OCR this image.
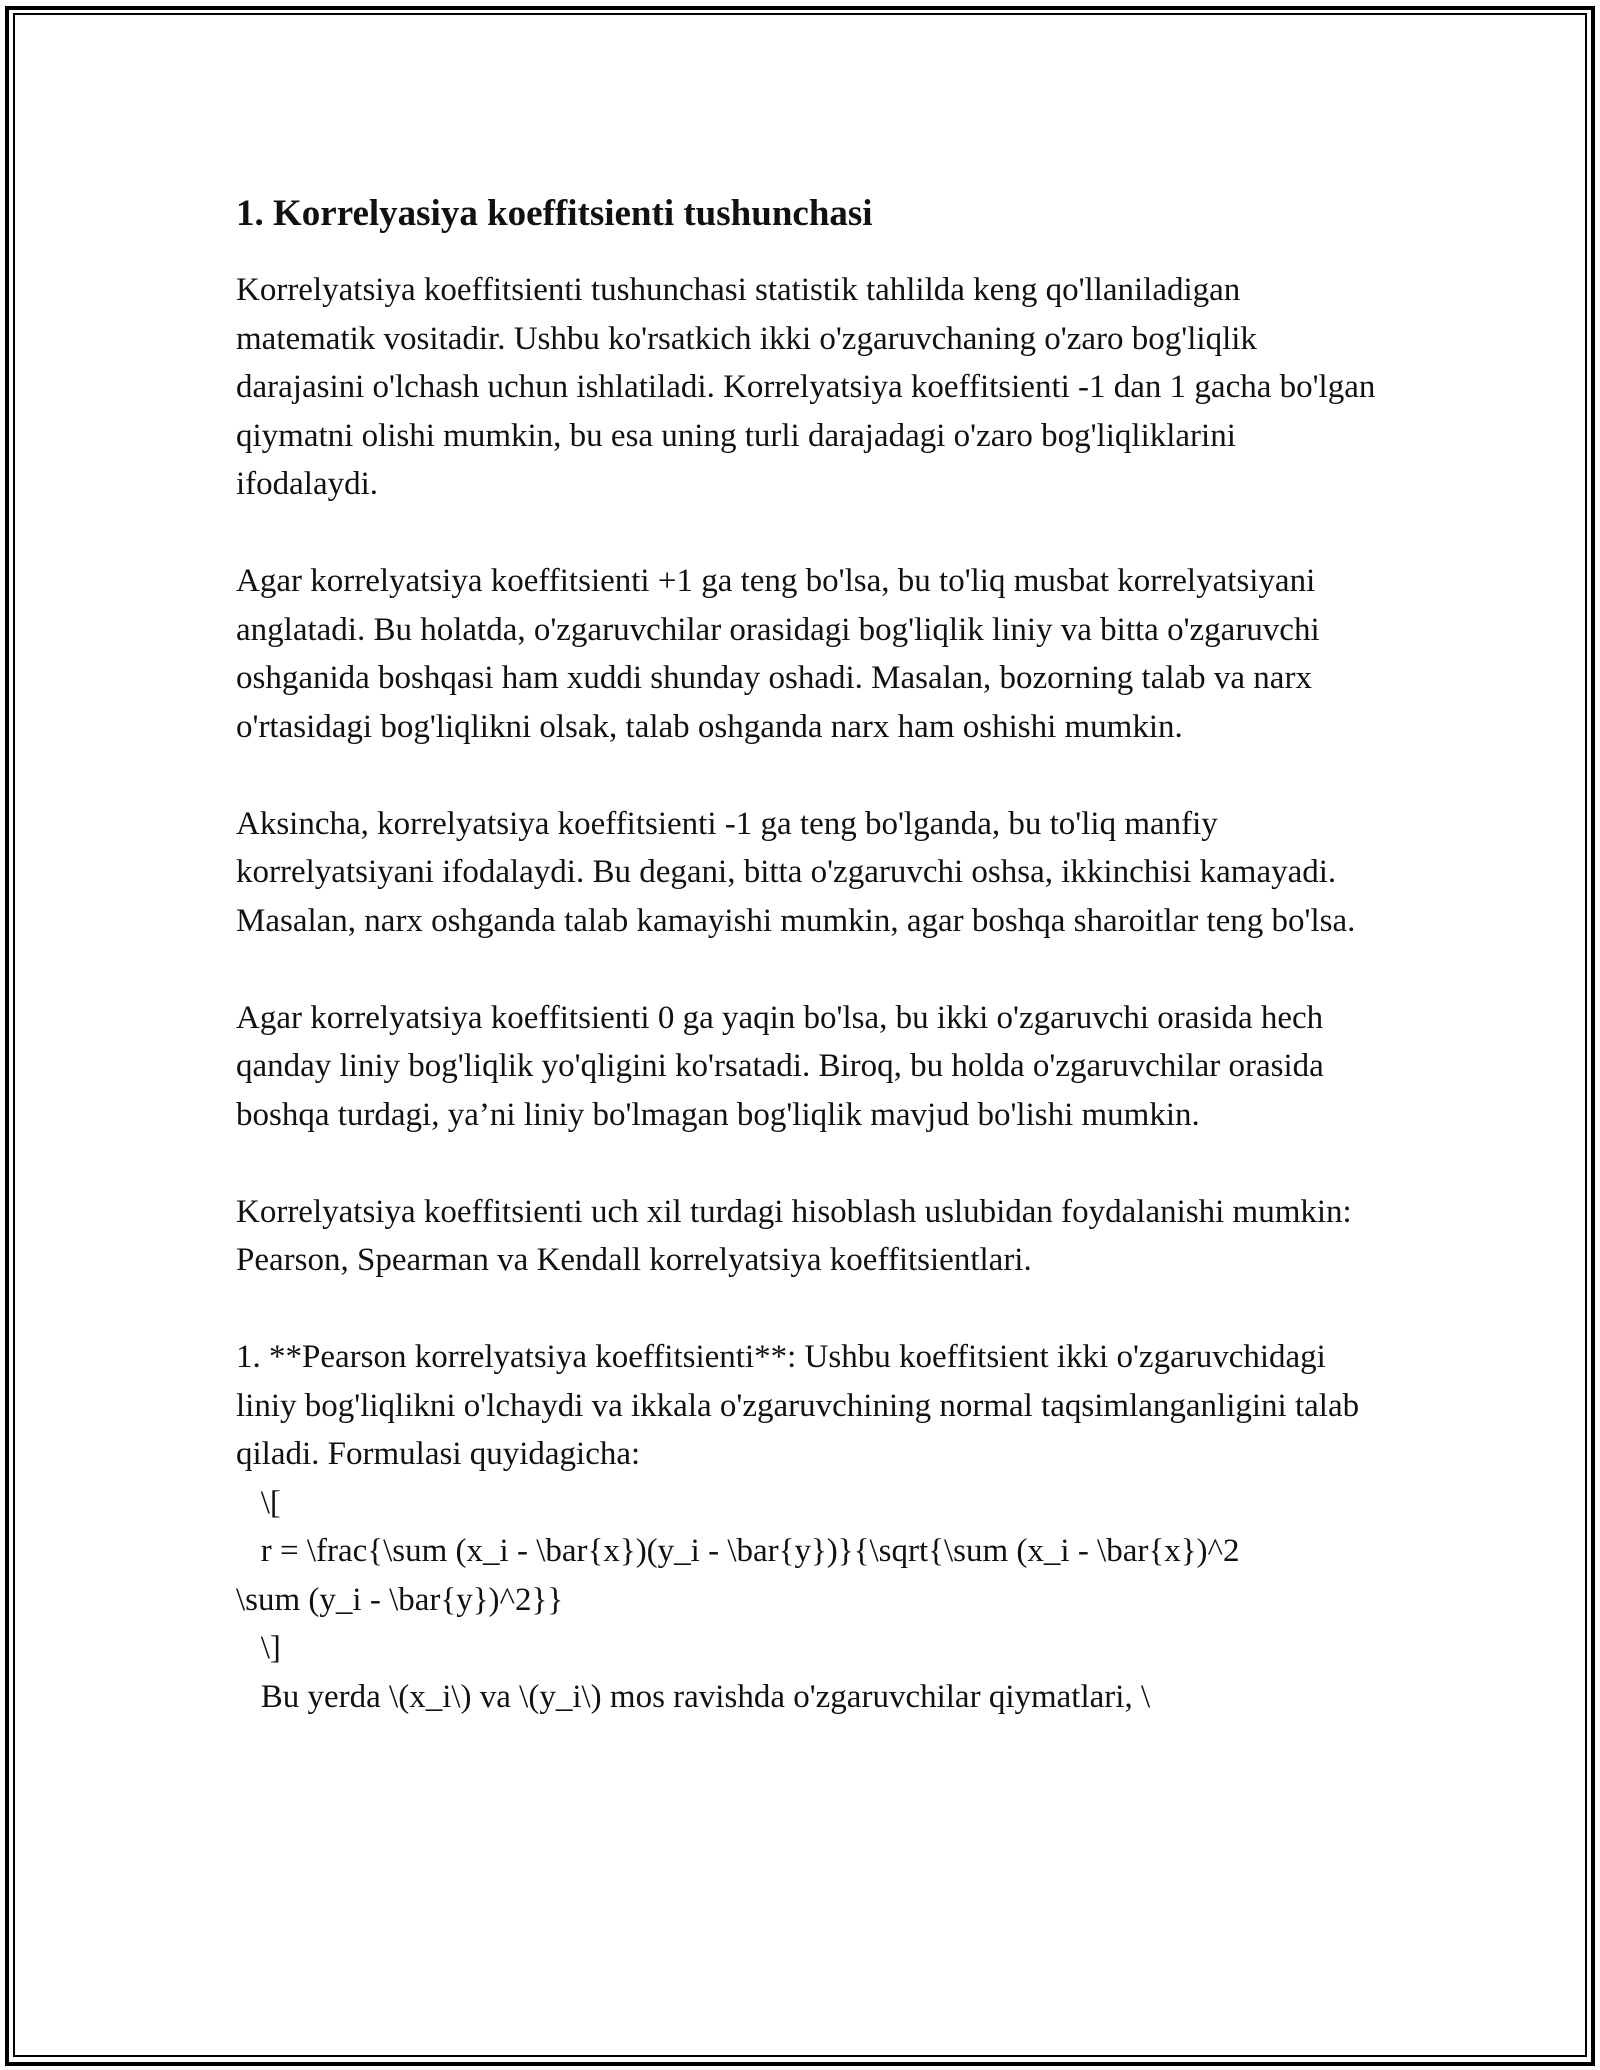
1. Korrelyasiya koeffitsienti tushunchasi

Korrelyatsiya koeffitsienti tushunchasi statistik tahlilda keng qo'llaniladigan matematik vositadir. Ushbu ko'rsatkich ikki o'zgaruvchaning o'zaro bog'liqlik darajasini o'lchash uchun ishlatiladi. Korrelyatsiya koeffitsienti -1 dan 1 gacha bo'lgan qiymatni olishi mumkin, bu esa uning turli darajadagi o'zaro bog'liqliklarini ifodalaydi.

Agar korrelyatsiya koeffitsienti +1 ga teng bo'lsa, bu to'liq musbat korrelyatsiyani anglatadi. Bu holatda, o'zgaruvchilar orasidagi bog'liqlik liniy va bitta o'zgaruvchi oshganida boshqasi ham xuddi shunday oshadi. Masalan, bozorning talab va narx o'rtasidagi bog'liqlikni olsak, talab oshganda narx ham oshishi mumkin.

Aksincha, korrelyatsiya koeffitsienti -1 ga teng bo'lganda, bu to'liq manfiy korrelyatsiyani ifodalaydi. Bu degani, bitta o'zgaruvchi oshsa, ikkinchisi kamayadi. Masalan, narx oshganda talab kamayishi mumkin, agar boshqa sharoitlar teng bo'lsa.

Agar korrelyatsiya koeffitsienti 0 ga yaqin bo'lsa, bu ikki o'zgaruvchi orasida hech qanday liniy bog'liqlik yo'qligini ko'rsatadi. Biroq, bu holda o'zgaruvchilar orasida boshqa turdagi, ya’ni liniy bo'lmagan bog'liqlik mavjud bo'lishi mumkin.

Korrelyatsiya koeffitsienti uch xil turdagi hisoblash uslubidan foydalanishi mumkin: Pearson, Spearman va Kendall korrelyatsiya koeffitsientlari.

1. **Pearson korrelyatsiya koeffitsienti**: Ushbu koeffitsient ikki o'zgaruvchidagi liniy bog'liqlikni o'lchaydi va ikkala o'zgaruvchining normal taqsimlanganligini talab qiladi. Formulasi quyidagicha:

\[
r = \frac{\sum (x_i - \bar{x})(y_i - \bar{y})}{\sqrt{\sum (x_i - \bar{x})^2
\sum (y_i - \bar{y})^2}}
\]
Bu yerda \(x_i\) va \(y_i\) mos ravishda o'zgaruvchilar qiymatlari, \
